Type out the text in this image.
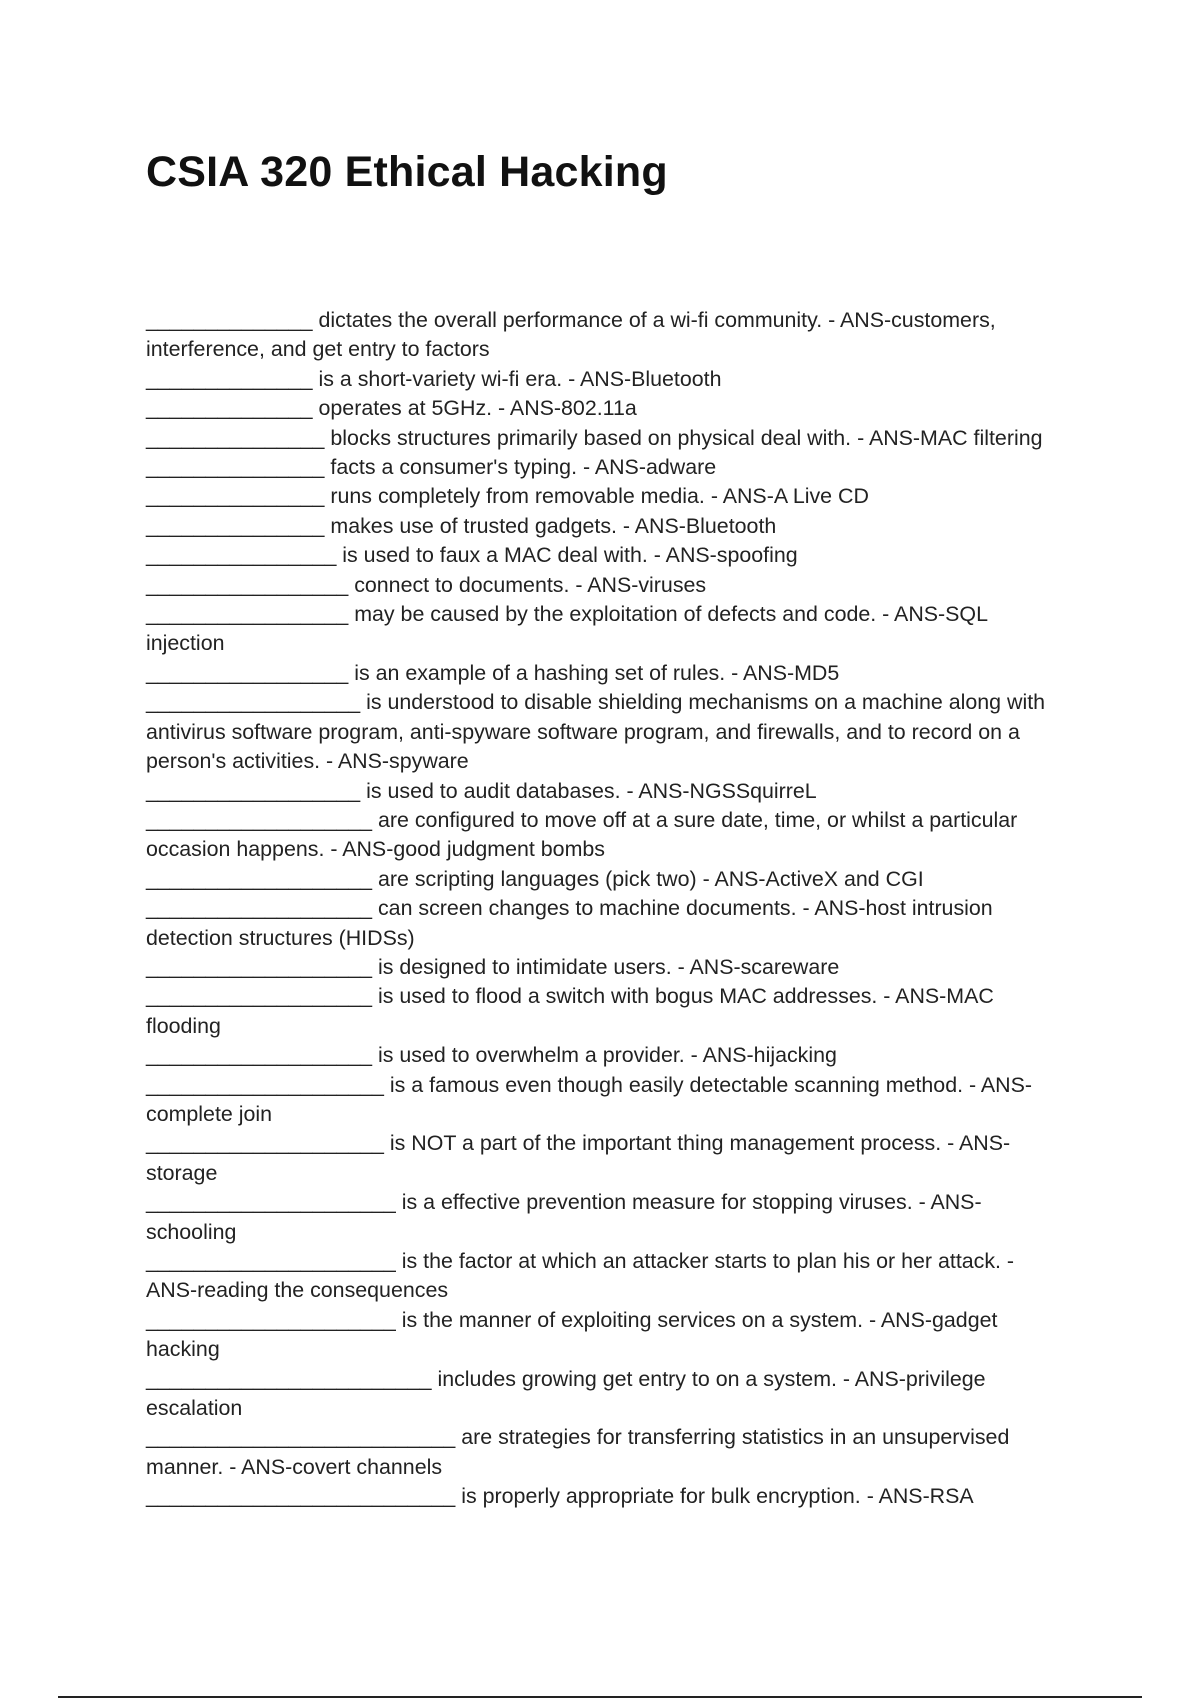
CSIA 320 Ethical Hacking
______________ dictates the overall performance of a wi-fi community. - ANS-customers, interference, and get entry to factors
______________ is a short-variety wi-fi era. - ANS-Bluetooth
______________ operates at 5GHz. - ANS-802.11a
_______________ blocks structures primarily based on physical deal with. - ANS-MAC filtering
_______________ facts a consumer's typing. - ANS-adware
_______________ runs completely from removable media. - ANS-A Live CD
_______________ makes use of trusted gadgets. - ANS-Bluetooth
________________ is used to faux a MAC deal with. - ANS-spoofing
_________________ connect to documents. - ANS-viruses
_________________ may be caused by the exploitation of defects and code. - ANS-SQL injection
_________________ is an example of a hashing set of rules. - ANS-MD5
__________________ is understood to disable shielding mechanisms on a machine along with antivirus software program, anti-spyware software program, and firewalls, and to record on a person's activities. - ANS-spyware
__________________ is used to audit databases. - ANS-NGSSquirreL
___________________ are configured to move off at a sure date, time, or whilst a particular occasion happens. - ANS-good judgment bombs
___________________ are scripting languages (pick two) - ANS-ActiveX and CGI
___________________ can screen changes to machine documents. - ANS-host intrusion detection structures (HIDSs)
___________________ is designed to intimidate users. - ANS-scareware
___________________ is used to flood a switch with bogus MAC addresses. - ANS-MAC flooding
___________________ is used to overwhelm a provider. - ANS-hijacking
____________________ is a famous even though easily detectable scanning method. - ANS-complete join
____________________ is NOT a part of the important thing management process. - ANS-storage
_____________________ is a effective prevention measure for stopping viruses. - ANS-schooling
_____________________ is the factor at which an attacker starts to plan his or her attack. - ANS-reading the consequences
_____________________ is the manner of exploiting services on a system. - ANS-gadget hacking
________________________ includes growing get entry to on a system. - ANS-privilege escalation
__________________________ are strategies for transferring statistics in an unsupervised manner. - ANS-covert channels
__________________________ is properly appropriate for bulk encryption. - ANS-RSA
